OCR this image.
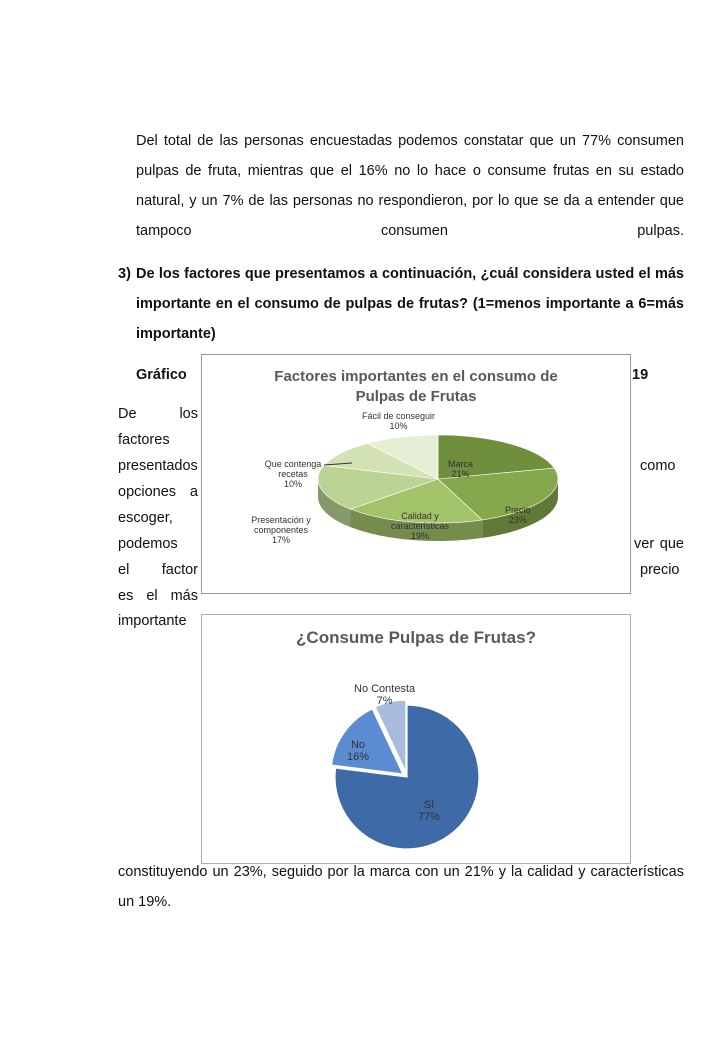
Del total de las personas encuestadas podemos constatar que un 77% consumen pulpas de fruta, mientras que el 16% no lo hace o consume frutas en su estado natural, y un 7% de las personas no respondieron, por lo que se da a entender que tampoco consumen pulpas.

3) De los factores que presentamos a continuación, ¿cuál considera usted el más importante en el consumo de pulpas de frutas? (1=menos importante a 6=más importante)

Gráfico	19
De	los
factores
presentados
opciones a
escoger,
podemos
el factor
es el más
importante
como
ver que
precio
Factores importantes en el consumo de Pulpas de Frutas
Fácil de conseguir
10%
Marca
21%
Precio
23%
Calidad y características
19%
Presentación y componentes
17%
Que contenga recetas
10%
¿Consume Pulpas de Frutas?
No Contesta
7%
No
16%
Sí
77%

constituyendo un 23%, seguido por la marca con un 21% y la calidad y características un 19%.
